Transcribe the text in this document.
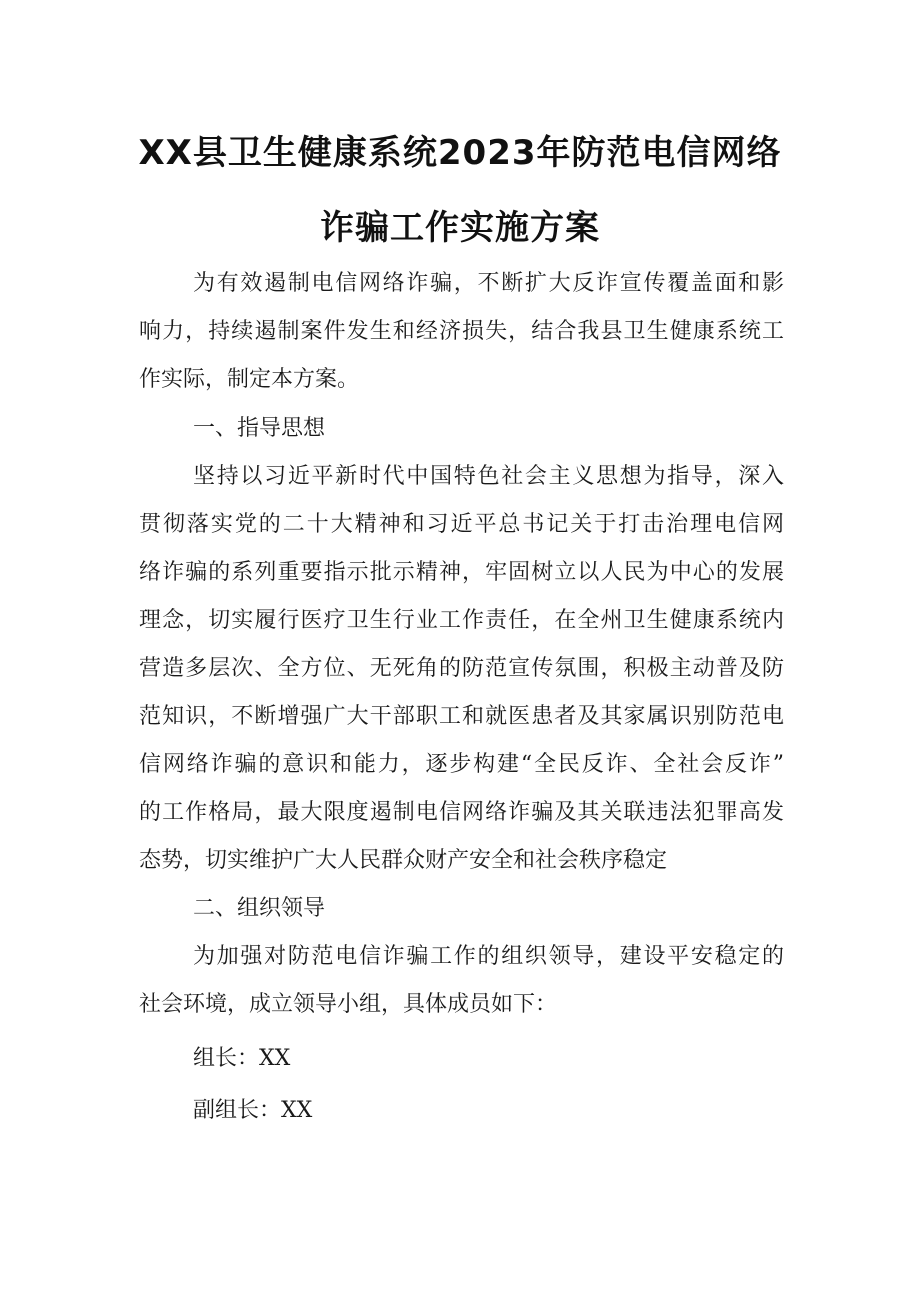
XX县卫生健康系统2023年防范电信网络
诈骗工作实施方案
为有效遏制电信网络诈骗，不断扩大反诈宣传覆盖面和影
响力，持续遏制案件发生和经济损失，结合我县卫生健康系统工
作实际，制定本方案。
一、指导思想
坚持以习近平新时代中国特色社会主义思想为指导，深入
贯彻落实党的二十大精神和习近平总书记关于打击治理电信网
络诈骗的系列重要指示批示精神，牢固树立以人民为中心的发展
理念，切实履行医疗卫生行业工作责任，在全州卫生健康系统内
营造多层次、全方位、无死角的防范宣传氛围，积极主动普及防
范知识，不断增强广大干部职工和就医患者及其家属识别防范电
信网络诈骗的意识和能力，逐步构建“全民反诈、全社会反诈”
的工作格局，最大限度遏制电信网络诈骗及其关联违法犯罪高发
态势，切实维护广大人民群众财产安全和社会秩序稳定
二、组织领导
为加强对防范电信诈骗工作的组织领导，建设平安稳定的
社会环境，成立领导小组，具体成员如下：
组长：XX
副组长：XX
